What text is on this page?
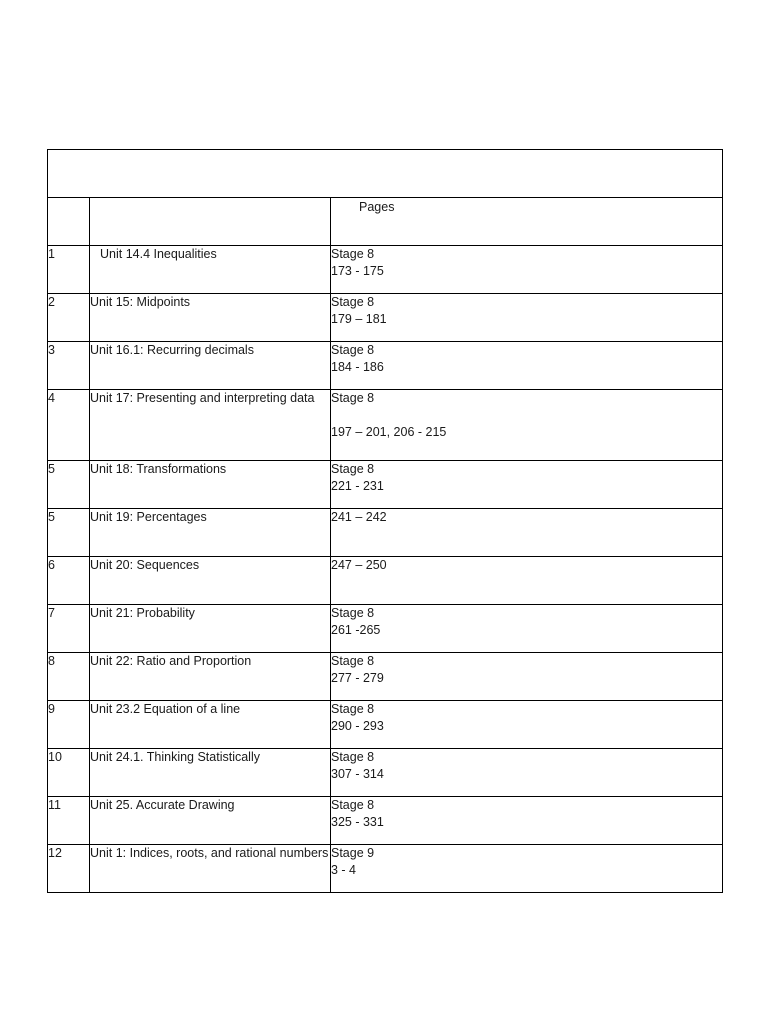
		Pages

1	Unit 14.4 Inequalities	Stage 8
173 - 175

2	Unit 15: Midpoints	Stage 8
179 – 181

3	Unit 16.1: Recurring decimals	Stage 8
184 - 186

4	Unit 17: Presenting and interpreting data	Stage 8
197 – 201, 206 - 215

5	Unit 18: Transformations	Stage 8
221 - 231

5	Unit 19: Percentages	241 – 242

6	Unit 20: Sequences	247 – 250

7	Unit 21: Probability	Stage 8
261 -265

8	Unit 22: Ratio and Proportion	Stage 8
277 - 279

9	Unit 23.2 Equation of a line	Stage 8
290 - 293

10	Unit 24.1. Thinking Statistically	Stage 8
307 - 314

11	Unit 25. Accurate Drawing	Stage 8
325 - 331

12	Unit 1: Indices, roots, and rational numbers	Stage 9
3 - 4
